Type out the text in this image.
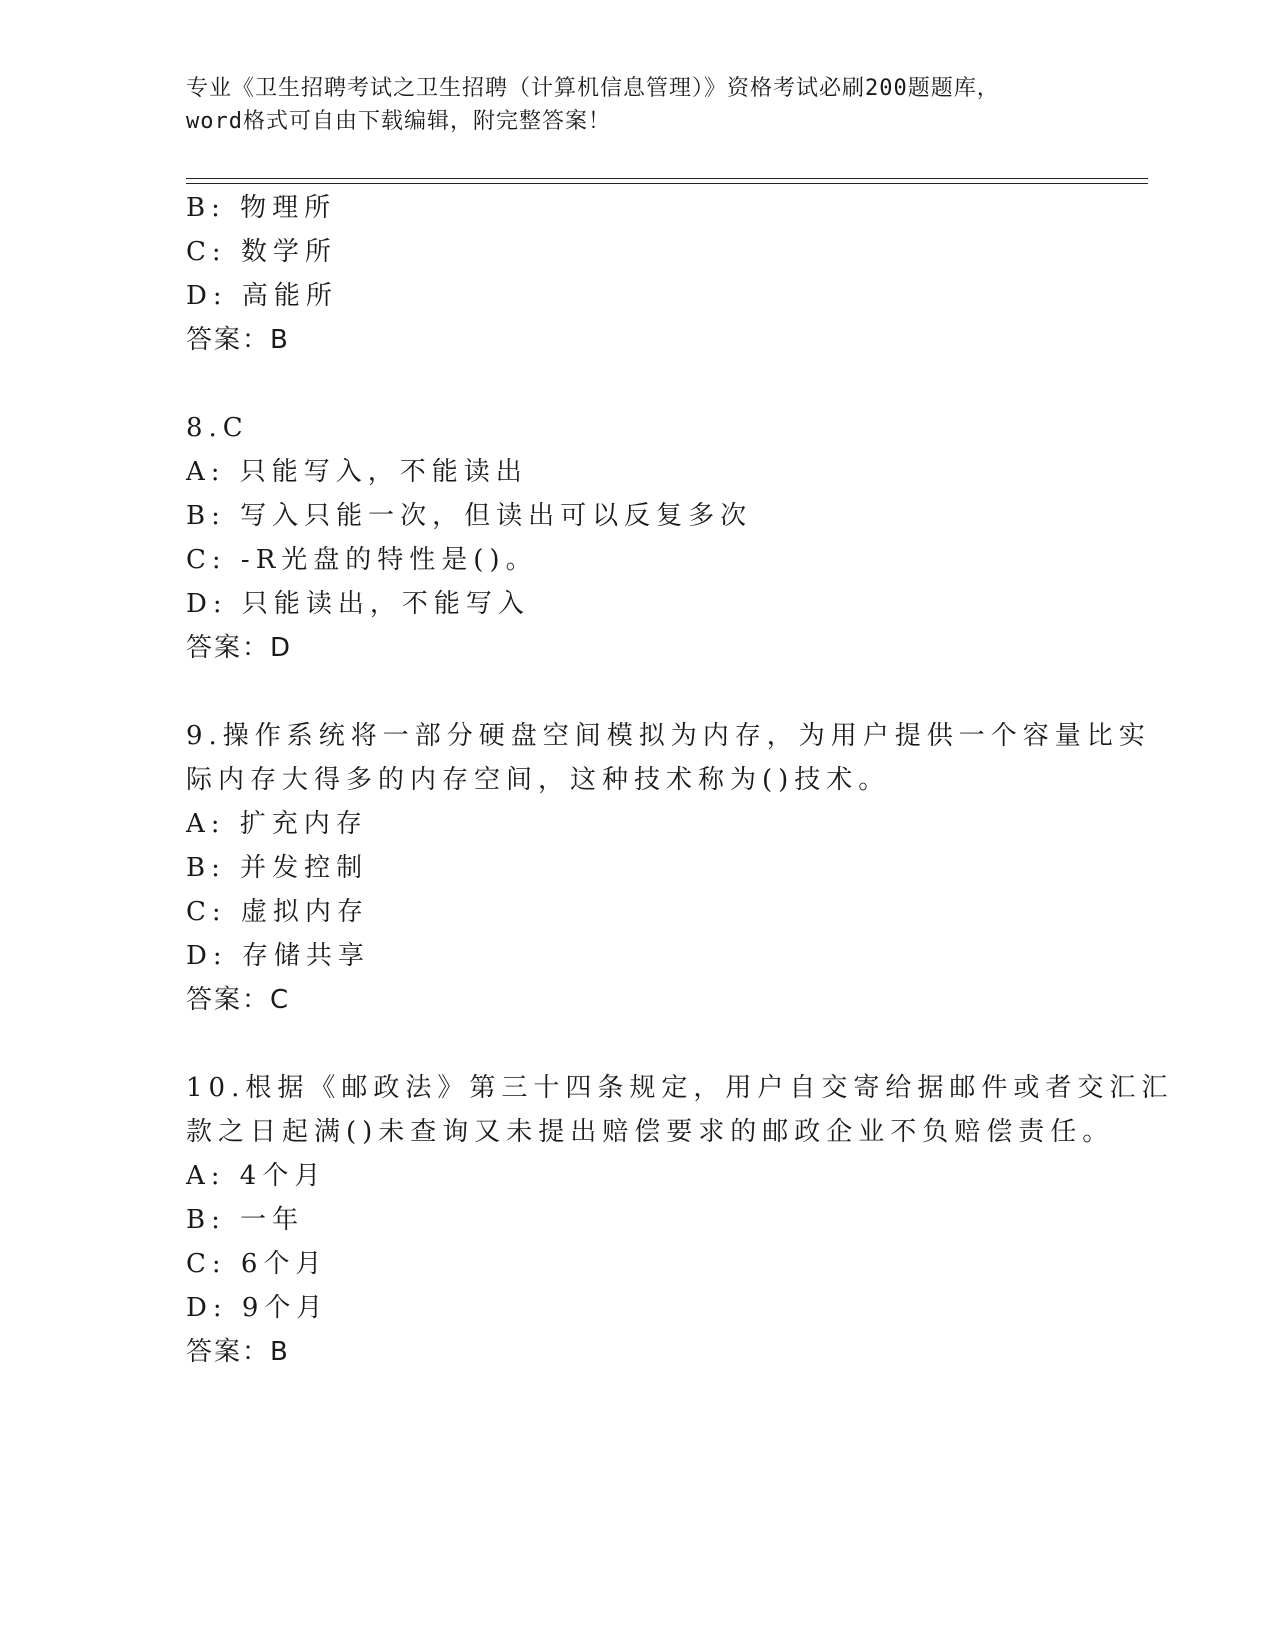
专业《卫生招聘考试之卫生招聘（计算机信息管理）》资格考试必刷200题题库，
word格式可自由下载编辑，附完整答案！
B: 物理所
C: 数学所
D: 高能所
答案：B
8.C
A: 只能写入，不能读出
B: 写入只能一次，但读出可以反复多次
C: -R光盘的特性是()。
D: 只能读出，不能写入
答案：D
9.操作系统将一部分硬盘空间模拟为内存，为用户提供一个容量比实
际内存大得多的内存空间，这种技术称为()技术。
A: 扩充内存
B: 并发控制
C: 虚拟内存
D: 存储共享
答案：C
10.根据《邮政法》第三十四条规定，用户自交寄给据邮件或者交汇汇
款之日起满()未查询又未提出赔偿要求的邮政企业不负赔偿责任。
A: 4个月
B: 一年
C: 6个月
D: 9个月
答案：B
